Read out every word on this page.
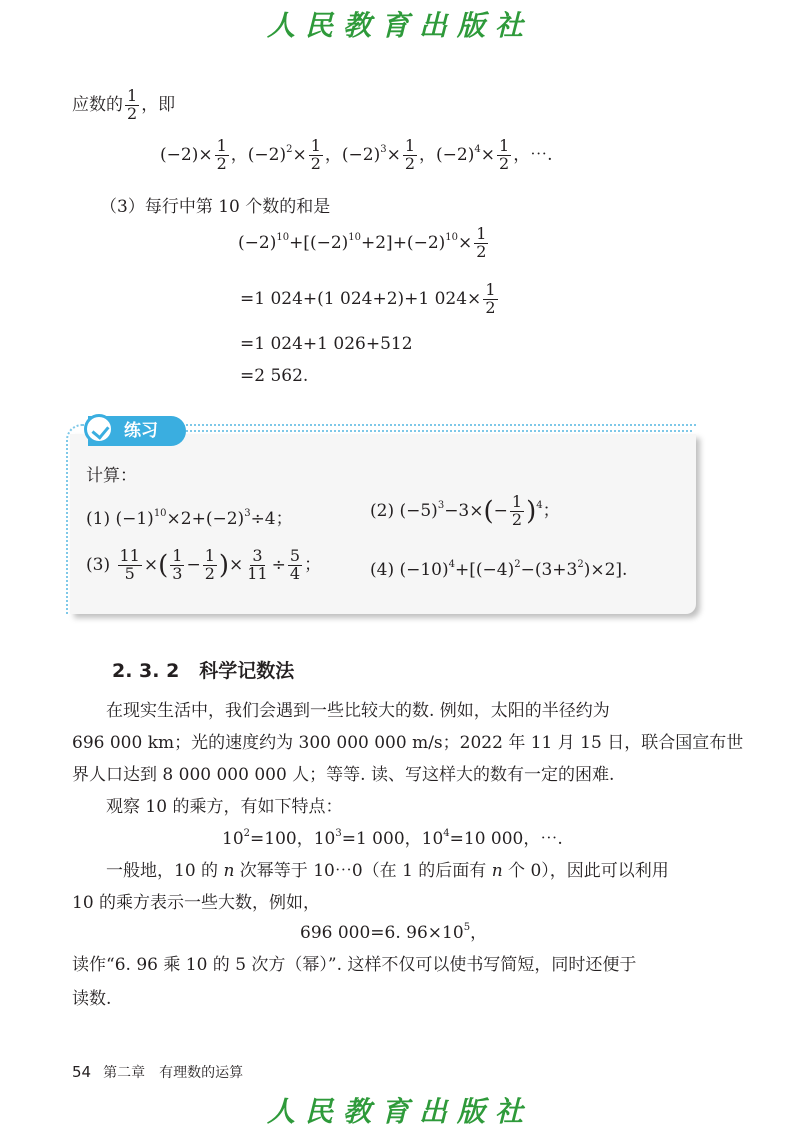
人民教育出版社
应数的 $\frac{1}{2}$ ，即
$(-2)\times \frac{1}{2}$ ，$(-2)^2\times \frac{1}{2}$ ，$(-2)^3\times \frac{1}{2}$ ，$(-2)^4\times \frac{1}{2}$ ，⋯.
（3）每行中第 10 个数的和是
$(-2)^{10}+[(-2)^{10}+2]+(-2)^{10}\times \frac{1}{2}$
=1 024+(1 024+2)+1 $024\times \frac{1}{2}$
=1 024+1 026+512
=2 562.
练习
计算：
(1) $(-1)^{10}\times 2+(-2)^3\div 4$；	(2) $(-5)^3-3\times(- \frac{1}{2} )^4$；
$(3) \frac{11}{5}$ ×( $\frac{1}{3} - \frac{1}{2}$ )× $\frac{3}{11} \div \frac{5}{4}$ ；	(4) $(-10)^4+[(-4)^2-(3+3^2)\times 2]$.
2. 3. 2 科学记数法
在现实生活中，我们会遇到一些比较大的数. 例如，太阳的半径约为
696 000 km；光的速度约为 300 000 000 m/s；2022 年 11 月 15 日，联合国宣布世
界人口达到 8 000 000 000 人；等等. 读、写这样大的数有一定的困难.
观察 10 的乘方，有如下特点：
$10^2=100$，$10^3=1$ 000，$10^4=10$ 000，⋯.
一般地，10 的 n 次幂等于 10⋯0（在 1 的后面有 n 个 0），因此可以利用
10 的乘方表示一些大数，例如，
696 000=6. $96\times 10^5$，
读作“6. 96 乘 10 的 5 次方（幂）”. 这样不仅可以使书写简短，同时还便于
读数.
54 第二章　有理数的运算
人民教育出版社
